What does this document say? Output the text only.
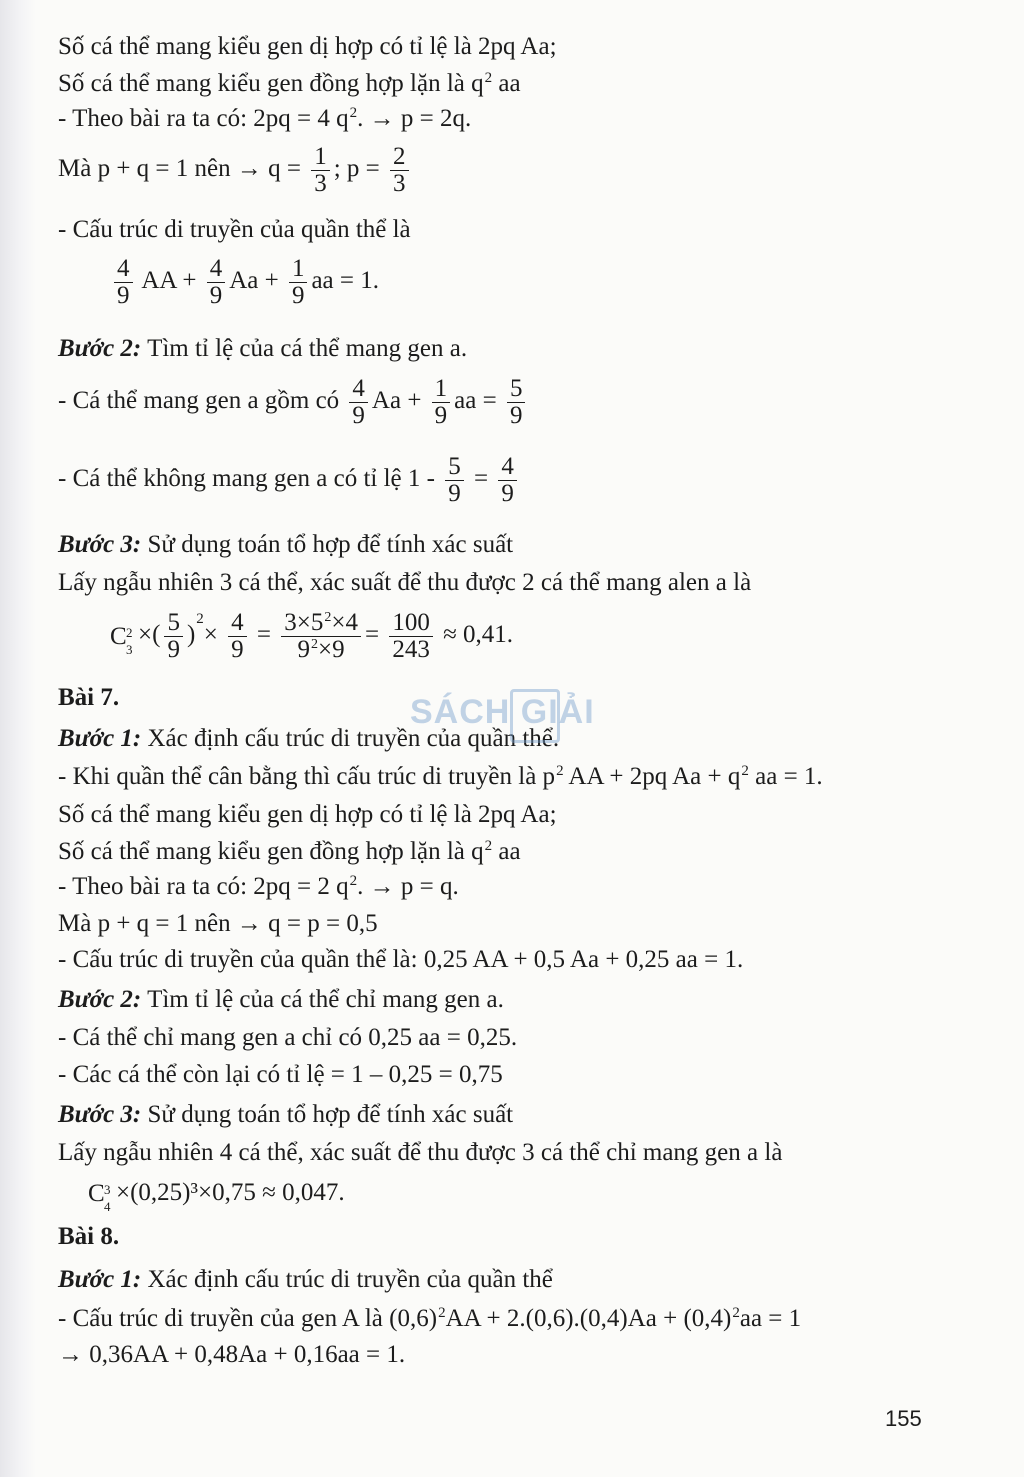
Số cá thể mang kiểu gen dị hợp có tỉ lệ là 2pq Aa;
Số cá thể mang kiểu gen đồng hợp lặn là $q^2$ aa
- Theo bài ra ta có: 2pq = 4 $q^2$. → p = 2q.
Mà p + q = 1 nên → $q = \frac{1}{3}$ ; $p = \frac{2}{3}$
- Cấu trúc di truyền của quần thể là
$\frac{4}{9}$ AA + $\frac{4}{9}$ $Aa + \frac{1}{9}$ aa = 1.
Bước 2: Tìm tỉ lệ của cá thể mang gen a.
- Cá thể mang gen a gồm có $\frac{4}{9}$ $Aa + \frac{1}{9}$ aa = $\frac{5}{9}$
- Cá thể không mang gen a có tỉ lệ $1 - \frac{5}{9} = \frac{4}{9}$
Bước 3: Sử dụng toán tổ hợp để tính xác suất
Lấy ngẫu nhiên 3 cá thể, xác suất để thu được 2 cá thể mang alen a là
C 2
3
×( $\frac{5}{9} )^2\times \frac{4}{9} = \frac{3\times 5^2\times 4}{9^2\times 9} = \frac{100}{243} \approx 0,41$.
Bài 7.
Bước 1: Xác định cấu trúc di truyền của quần thể.
- Khi quần thể cân bằng thì cấu trúc di truyền là $p^2$ AA + 2pq $Aa + q^2$ aa = 1.
Số cá thể mang kiểu gen dị hợp có tỉ lệ là 2pq Aa;
Số cá thể mang kiểu gen đồng hợp lặn là $q^2$ aa
- Theo bài ra ta có: 2pq = 2 $q^2$. → p = q.
Mà p + q = 1 nên → q = p = 0,5
- Cấu trúc di truyền của quần thể là: 0,25 AA + 0,5 Aa + 0,25 aa = 1.
Bước 2: Tìm tỉ lệ của cá thể chỉ mang gen a.
- Cá thể chỉ mang gen a chỉ có 0,25 aa = 0,25.
- Các cá thể còn lại có tỉ lệ = 1 – 0,25 = 0,75
Bước 3: Sử dụng toán tổ hợp để tính xác suất
Lấy ngẫu nhiên 4 cá thể, xác suất để thu được 3 cá thể chỉ mang gen a là
C 3
4
×(0,25)³×0,75 ≈ 0,047.
Bài 8.
Bước 1: Xác định cấu trúc di truyền của quần thể
- Cấu trúc di truyền của gen A là $(0,6)^2AA + 2.(0,6).(0,4)Aa + (0,4)^2aa = 1$
→ 0,36AA + 0,48Aa + 0,16aa = 1.
SÁCH GIẢI
155
